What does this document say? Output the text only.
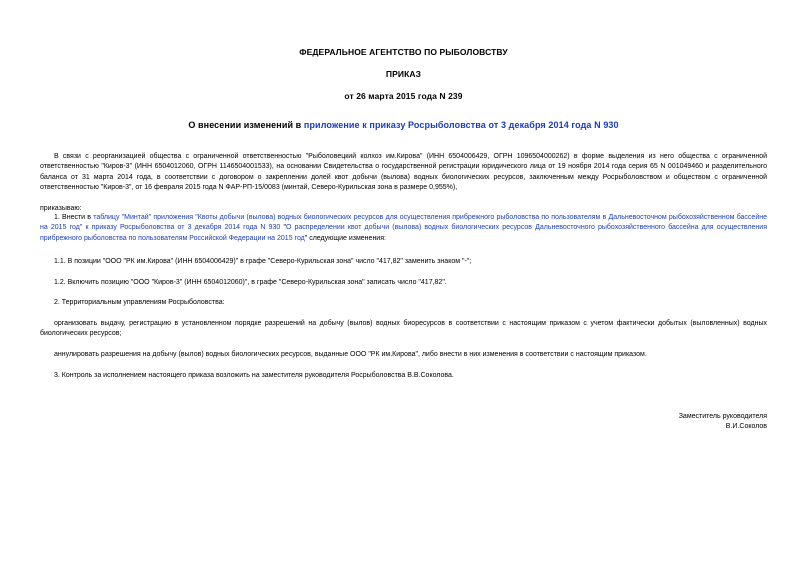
ФЕДЕРАЛЬНОЕ АГЕНТСТВО ПО РЫБОЛОВСТВУ
ПРИКАЗ
от 26 марта 2015 года N 239
О внесении изменений в приложение к приказу Росрыболовства от 3 декабря 2014 года N 930
В связи с реорганизацией общества с ограниченной ответственностью "Рыболовецкий колхоз им.Кирова" (ИНН 6504006429, ОГРН 1096504000262) в форме выделения из него общества с ограниченной ответственностью "Киров-3" (ИНН 6504012060, ОГРН 1146504001533), на основании Свидетельства о государственной регистрации юридического лица от 19 ноября 2014 года серия 65 N 001049460 и разделительного баланса от 31 марта 2014 года, в соответствии с договором о закреплении долей квот добычи (вылова) водных биологических ресурсов, заключенным между Росрыболовством и обществом с ограниченной ответственностью "Киров-3", от 16 февраля 2015 года N ФАР-РП-15/0083 (минтай, Северо-Курильская зона в размере 0,955%),
приказываю:
1. Внести в таблицу "Минтай" приложения "Квоты добычи (вылова) водных биологических ресурсов для осуществления прибрежного рыболовства по пользователям в Дальневосточном рыбохозяйственном бассейне на 2015 год" к приказу Росрыболовства от 3 декабря 2014 года N 930 "О распределении квот добычи (вылова) водных биологических ресурсов Дальневосточного рыбохозяйственного бассейна для осуществления прибрежного рыболовства по пользователям Российской Федерации на 2015 год" следующие изменения:
1.1. В позиции "ООО "РК им.Кирова" (ИНН 6504006429)" в графе "Северо-Курильская зона" число "417,82" заменить знаком "-";
1.2. Включить позицию "ООО "Киров-3" (ИНН 6504012060)", в графе "Северо-Курильская зона" записать число "417,82".
2. Территориальным управлениям Росрыболовства:
организовать выдачу, регистрацию в установленном порядке разрешений на добычу (вылов) водных биоресурсов в соответствии с настоящим приказом с учетом фактически добытых (выловленных) водных биологических ресурсов;
аннулировать разрешения на добычу (вылов) водных биологических ресурсов, выданные ООО "РК им.Кирова", либо внести в них изменения в соответствии с настоящим приказом.
3. Контроль за исполнением настоящего приказа возложить на заместителя руководителя Росрыболовства В.В.Соколова.
Заместитель руководителя
В.И.Соколов
